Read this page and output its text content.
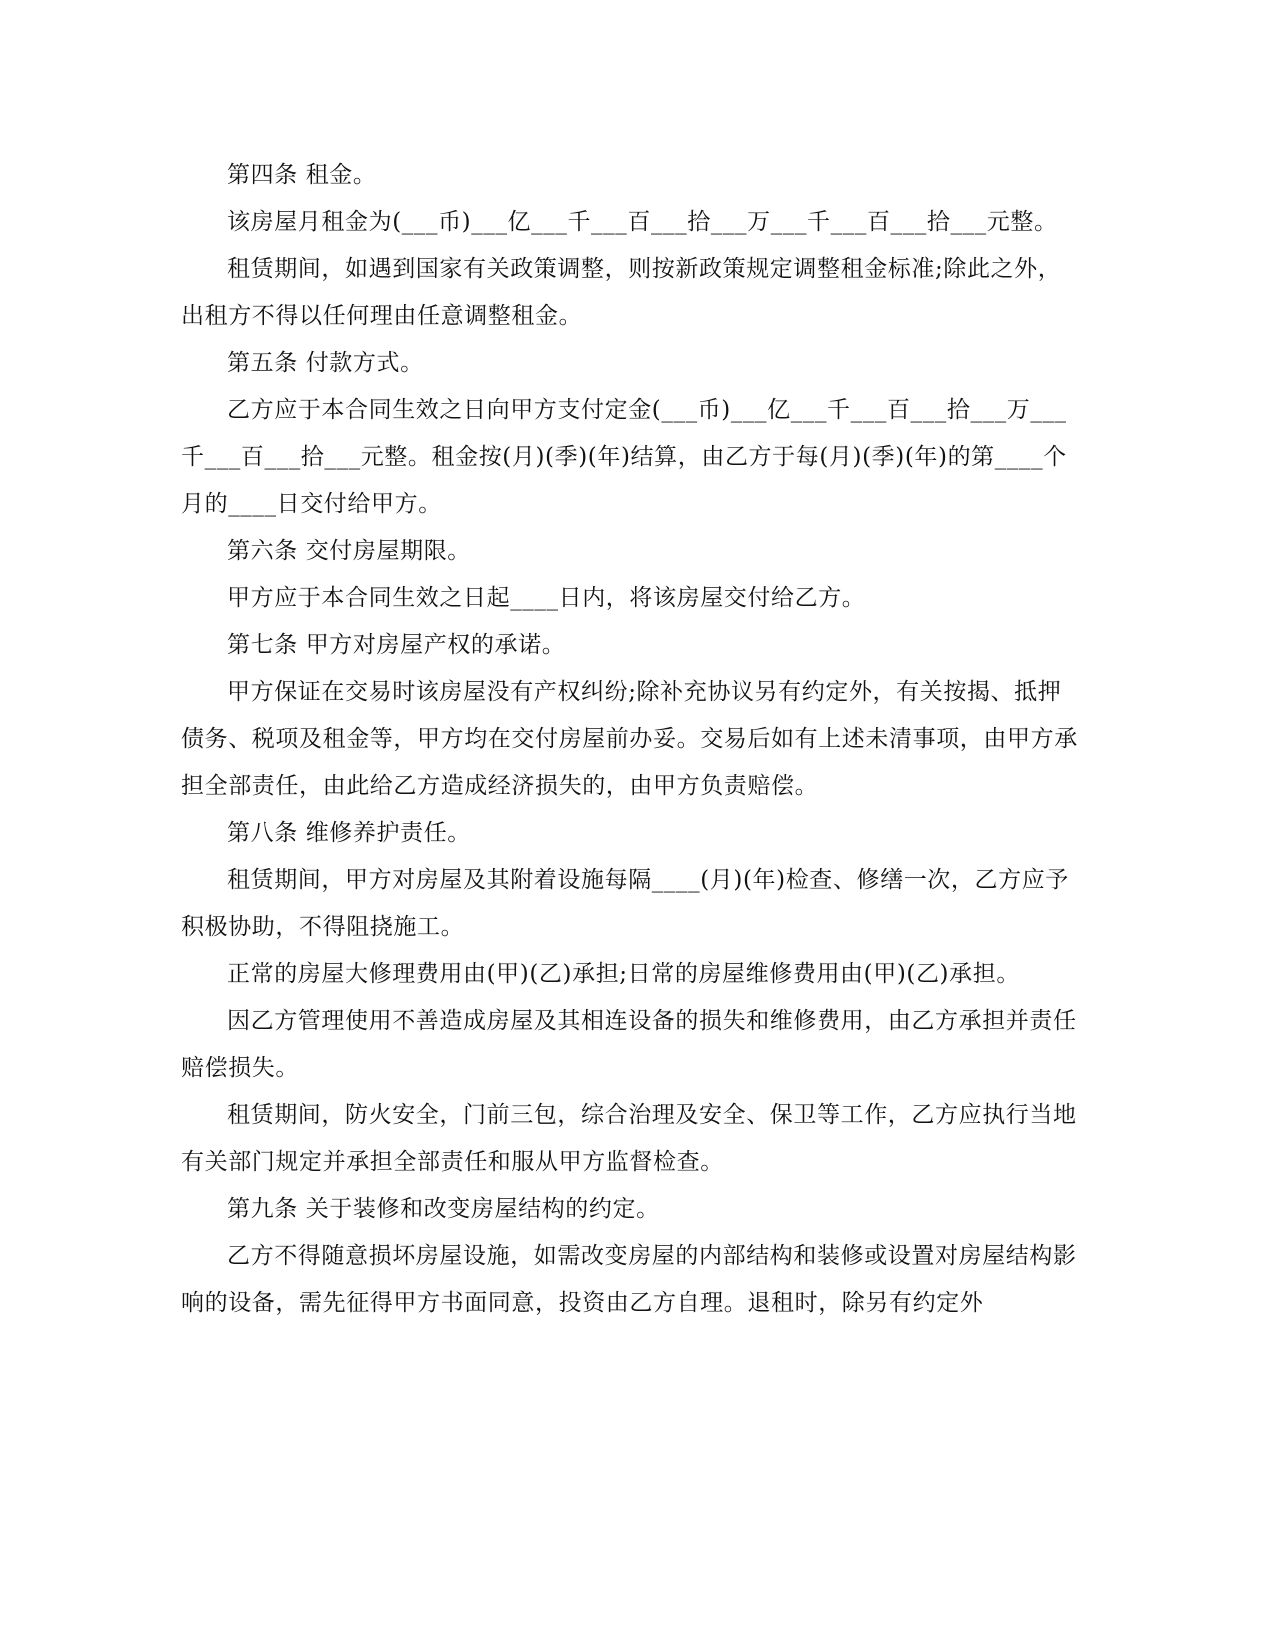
第四条 租金。

该房屋月租金为(___币)___亿___千___百___拾___万___千___百___拾___元整。

租赁期间，如遇到国家有关政策调整，则按新政策规定调整租金标准;除此之外，出租方不得以任何理由任意调整租金。

第五条 付款方式。

乙方应于本合同生效之日向甲方支付定金(___币)___亿___千___百___拾___万___千___百___拾___元整。租金按(月)(季)(年)结算，由乙方于每(月)(季)(年)的第____个月的____日交付给甲方。

第六条 交付房屋期限。

甲方应于本合同生效之日起____日内，将该房屋交付给乙方。

第七条 甲方对房屋产权的承诺。

甲方保证在交易时该房屋没有产权纠纷;除补充协议另有约定外，有关按揭、抵押债务、税项及租金等，甲方均在交付房屋前办妥。交易后如有上述未清事项，由甲方承担全部责任，由此给乙方造成经济损失的，由甲方负责赔偿。

第八条 维修养护责任。

租赁期间，甲方对房屋及其附着设施每隔____(月)(年)检查、修缮一次，乙方应予积极协助，不得阻挠施工。

正常的房屋大修理费用由(甲)(乙)承担;日常的房屋维修费用由(甲)(乙)承担。

因乙方管理使用不善造成房屋及其相连设备的损失和维修费用，由乙方承担并责任赔偿损失。

租赁期间，防火安全，门前三包，综合治理及安全、保卫等工作，乙方应执行当地有关部门规定并承担全部责任和服从甲方监督检查。

第九条 关于装修和改变房屋结构的约定。

乙方不得随意损坏房屋设施，如需改变房屋的内部结构和装修或设置对房屋结构影响的设备，需先征得甲方书面同意，投资由乙方自理。退租时，除另有约定外
